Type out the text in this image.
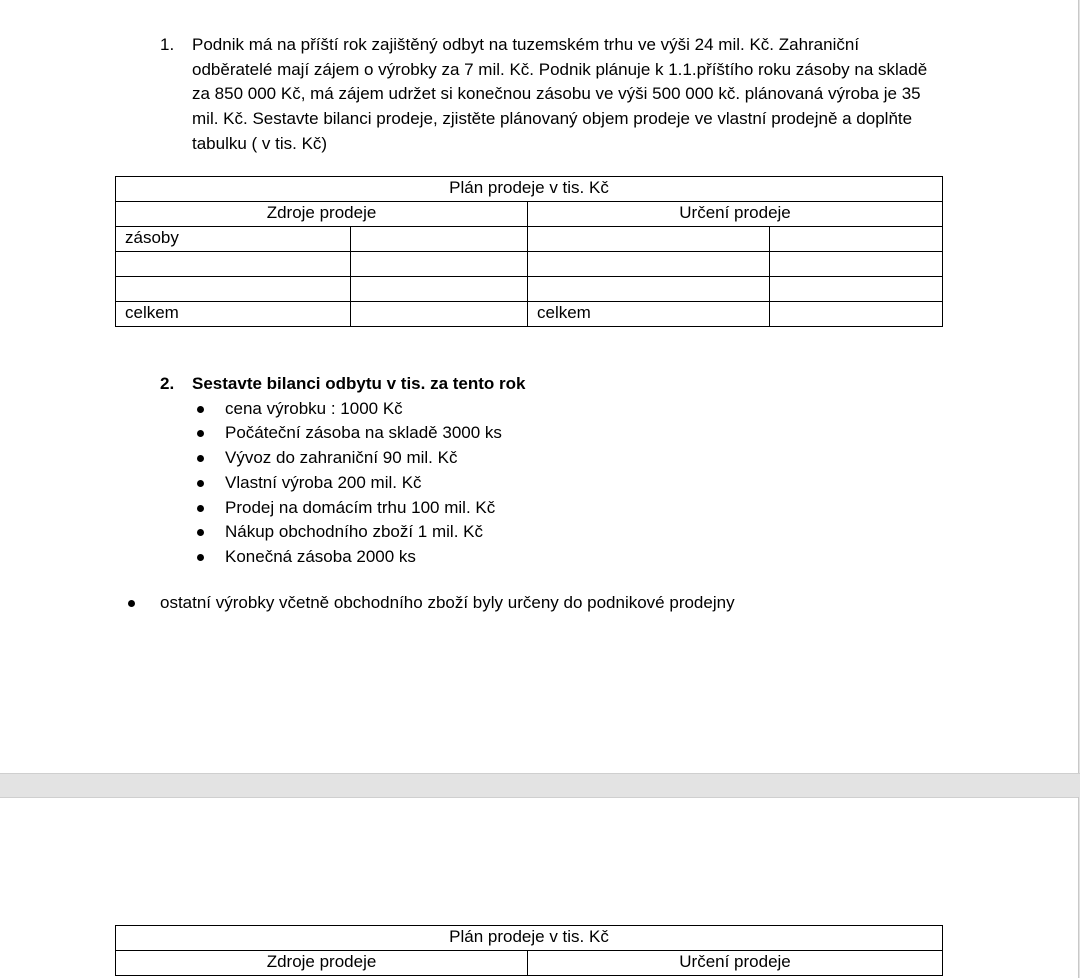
1. Podnik má na příští rok zajištěný odbyt na tuzemském trhu ve výši 24 mil. Kč. Zahraniční odběratelé mají zájem o výrobky za 7 mil. Kč. Podnik plánuje k 1.1.příštího roku zásoby na skladě za 850 000 Kč, má zájem udržet si konečnou zásobu ve výši 500 000 kč. plánovaná výroba je 35 mil. Kč. Sestavte bilanci prodeje, zjistěte plánovaný objem prodeje ve vlastní prodejně a doplňte tabulku ( v tis. Kč)
Plán prodeje v tis. Kč			
Zdroje prodeje		Určení prodeje	
zásoby			

celkem		celkem	
2. Sestavte bilanci odbytu v tis. za tento rok
cena výrobku : 1000 Kč
Počáteční zásoba na skladě 3000 ks
Vývoz do zahraniční 90 mil. Kč
Vlastní výroba 200 mil. Kč
Prodej na domácím trhu 100 mil. Kč
Nákup obchodního zboží 1 mil. Kč
Konečná zásoba 2000 ks
ostatní výrobky včetně obchodního zboží byly určeny do podnikové prodejny
Plán prodeje v tis. Kč
Zdroje prodeje	Určení prodeje
